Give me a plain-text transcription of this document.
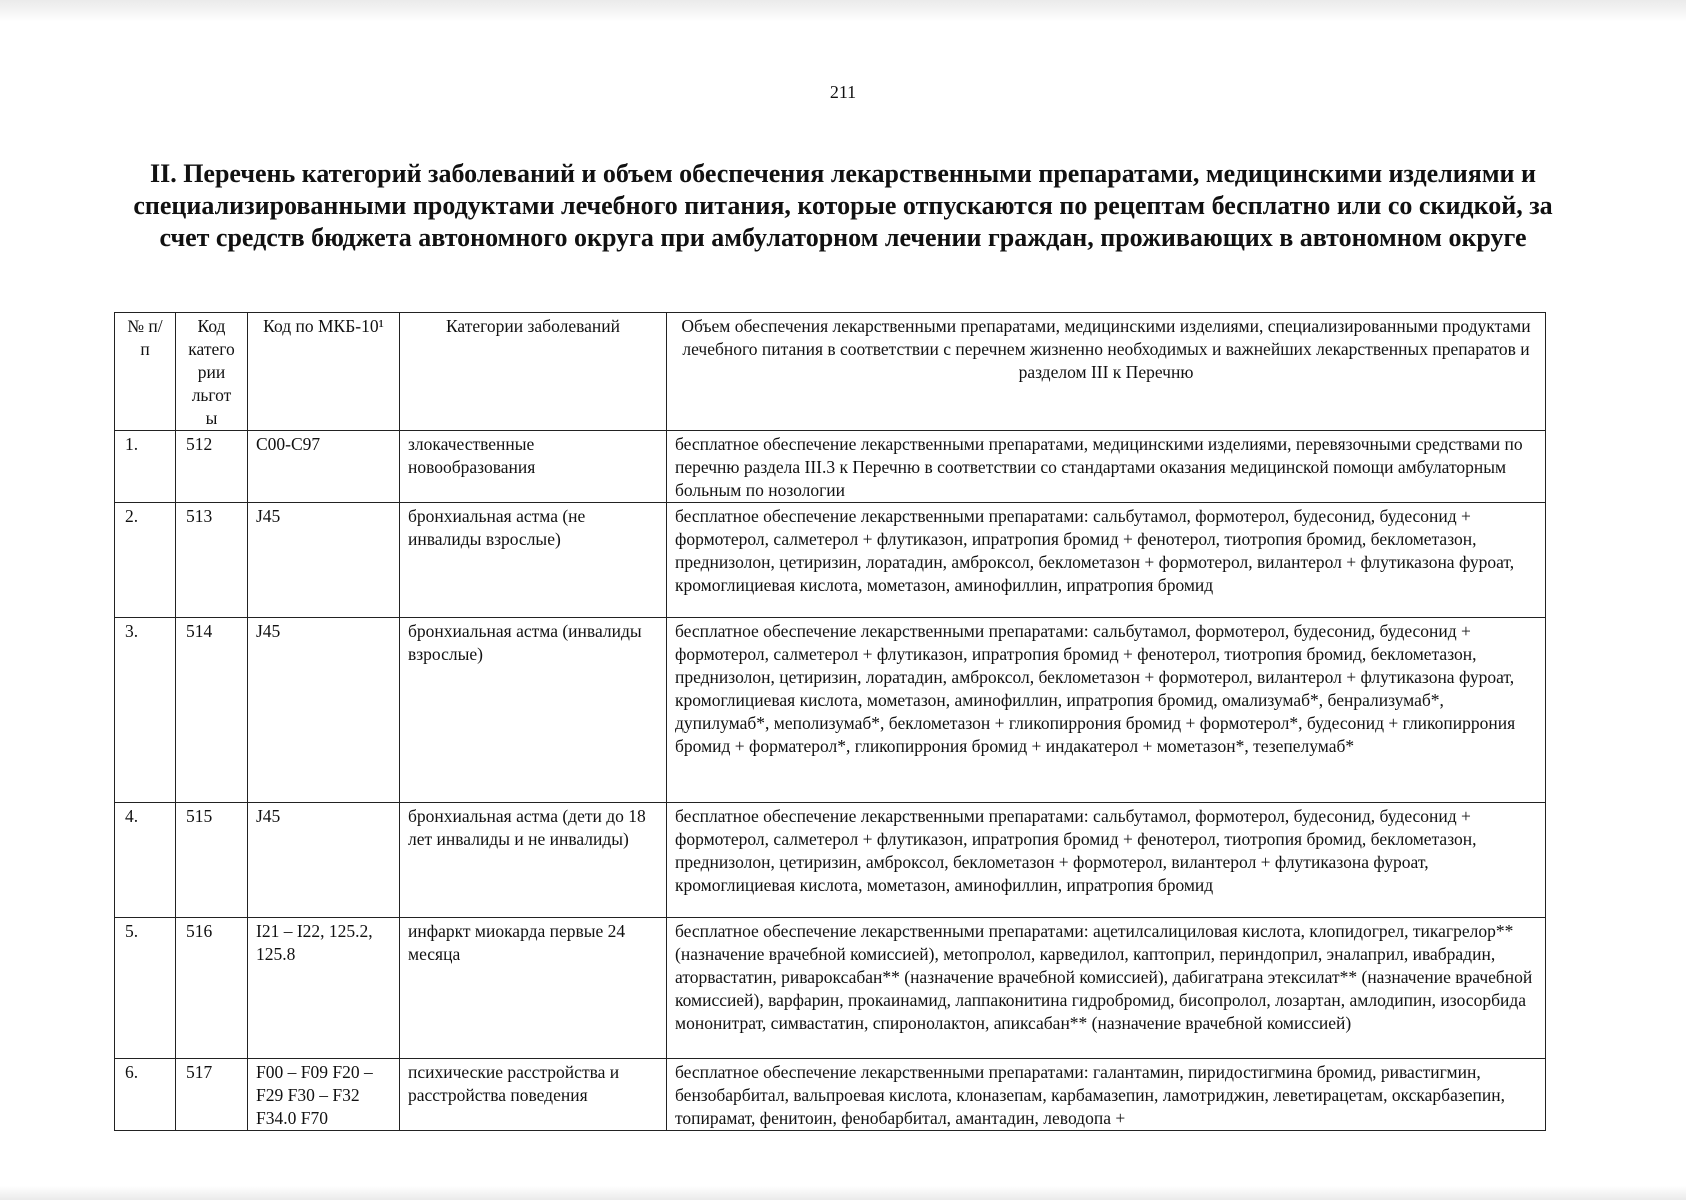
211
II. Перечень категорий заболеваний и объем обеспечения лекарственными препаратами, медицинскими изделиями и специализированными продуктами лечебного питания, которые отпускаются по рецептам бесплатно или со скидкой, за счет средств бюджета автономного округа при амбулаторном лечении граждан, проживающих в автономном округе
№ п/п	Код катего рии льгот ы	Код по МКБ-10¹	Категории заболеваний	Объем обеспечения лекарственными препаратами, медицинскими изделиями, специализированными продуктами лечебного питания в соответствии с перечнем жизненно необходимых и важнейших лекарственных препаратов и разделом III к Перечню
1.	512	C00-C97	злокачественные новообразования	бесплатное обеспечение лекарственными препаратами, медицинскими изделиями, перевязочными средствами по перечню раздела III.3 к Перечню в соответствии со стандартами оказания медицинской помощи амбулаторным больным по нозологии
2.	513	J45	бронхиальная астма (не инвалиды взрослые)	бесплатное обеспечение лекарственными препаратами: сальбутамол, формотерол, будесонид, будесонид + формотерол, салметерол + флутиказон, ипратропия бромид + фенотерол, тиотропия бромид, беклометазон, преднизолон, цетиризин, лоратадин, амброксол, беклометазон + формотерол, вилантерол + флутиказона фуроат, кромоглициевая кислота, мометазон, аминофиллин, ипратропия бромид
3.	514	J45	бронхиальная астма (инвалиды взрослые)	бесплатное обеспечение лекарственными препаратами: сальбутамол, формотерол, будесонид, будесонид + формотерол, салметерол + флутиказон, ипратропия бромид + фенотерол, тиотропия бромид, беклометазон, преднизолон, цетиризин, лоратадин, амброксол, беклометазон + формотерол, вилантерол + флутиказона фуроат, кромоглициевая кислота, мометазон, аминофиллин, ипратропия бромид, омализумаб*, бенрализумаб*, дупилумаб*, меполизумаб*, беклометазон + гликопиррония бромид + формотерол*, будесонид + гликопиррония бромид + форматерол*, гликопиррония бромид + индакатерол + мометазон*, тезепелумаб*
4.	515	J45	бронхиальная астма (дети до 18 лет инвалиды и не инвалиды)	бесплатное обеспечение лекарственными препаратами: сальбутамол, формотерол, будесонид, будесонид + формотерол, салметерол + флутиказон, ипратропия бромид + фенотерол, тиотропия бромид, беклометазон, преднизолон, цетиризин, амброксол, беклометазон + формотерол, вилантерол + флутиказона фуроат, кромоглициевая кислота, мометазон, аминофиллин, ипратропия бромид
5.	516	I21 – I22, 125.2, 125.8	инфаркт миокарда первые 24 месяца	бесплатное обеспечение лекарственными препаратами: ацетилсалициловая кислота, клопидогрел, тикагрелор** (назначение врачебной комиссией), метопролол, карведилол, каптоприл, периндоприл, эналаприл, ивабрадин, аторвастатин, ривароксабан** (назначение врачебной комиссией), дабигатрана этексилат** (назначение врачебной комиссией), варфарин, прокаинамид, лаппаконитина гидробромид, бисопролол, лозартан, амлодипин, изосорбида мононитрат, симвастатин, спиронолактон, апиксабан** (назначение врачебной комиссией)
6.	517	F00 – F09 F20 – F29 F30 – F32 F34.0 F70	психические расстройства и расстройства поведения	бесплатное обеспечение лекарственными препаратами: галантамин, пиридостигмина бромид, ривастигмин, бензобарбитал, вальпроевая кислота, клоназепам, карбамазепин, ламотриджин, леветирацетам, окскарбазепин, топирамат, фенитоин, фенобарбитал, амантадин, леводопа +
